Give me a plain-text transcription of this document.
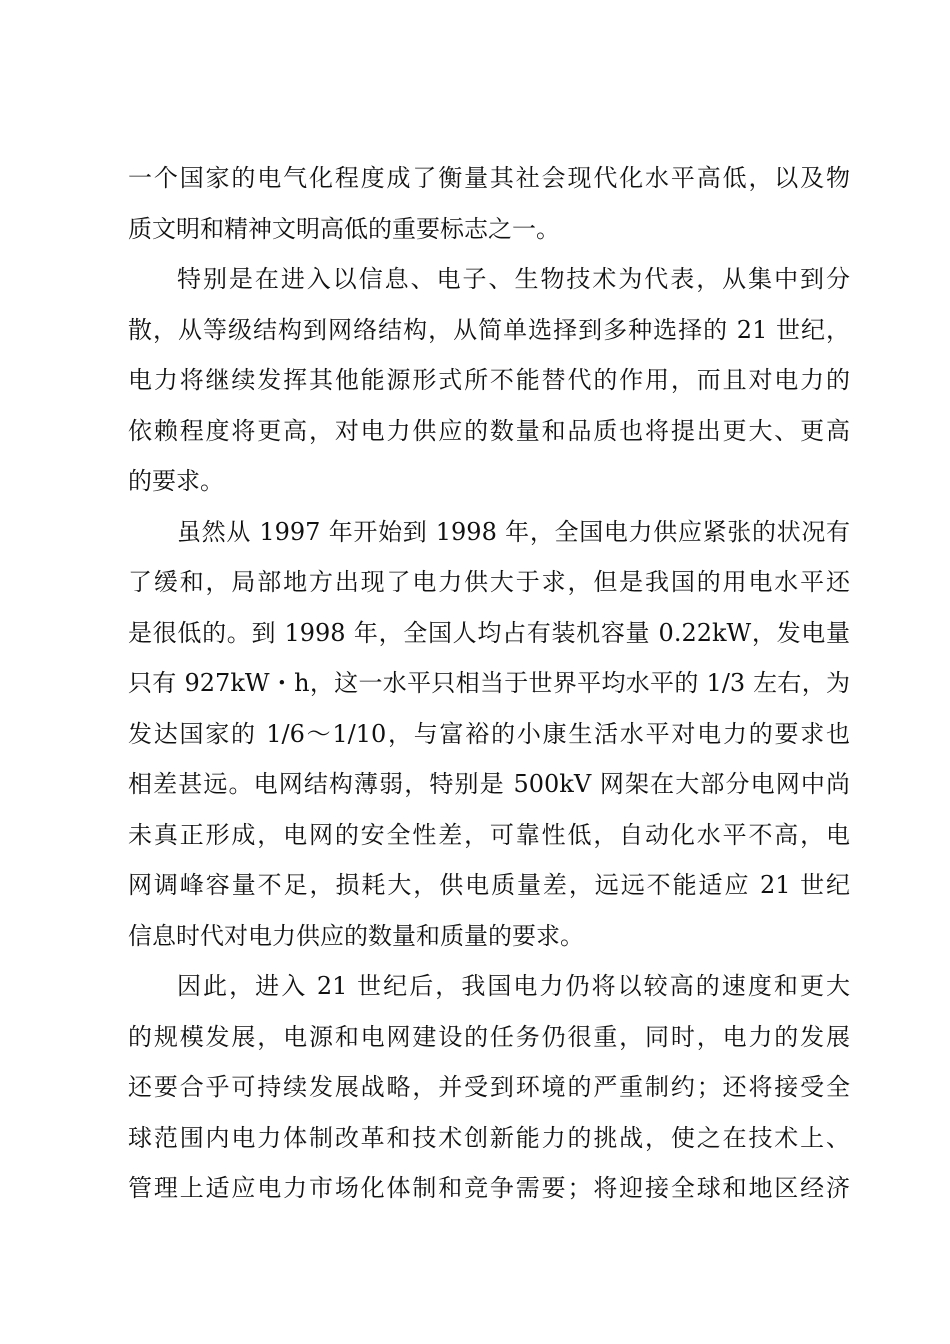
一个国家的电气化程度成了衡量其社会现代化水平高低，以及物
质文明和精神文明高低的重要标志之一。
特别是在进入以信息、电子、生物技术为代表，从集中到分
散，从等级结构到网络结构，从简单选择到多种选择的 21 世纪，
电力将继续发挥其他能源形式所不能替代的作用，而且对电力的
依赖程度将更高，对电力供应的数量和品质也将提出更大、更高
的要求。
虽然从 1997 年开始到 1998 年，全国电力供应紧张的状况有
了缓和，局部地方出现了电力供大于求，但是我国的用电水平还
是很低的。到 1998 年，全国人均占有装机容量 0.22kW，发电量
只有 927kW・h，这一水平只相当于世界平均水平的 1/3 左右，为
发达国家的 1/6～1/10，与富裕的小康生活水平对电力的要求也
相差甚远。电网结构薄弱，特别是 500kV 网架在大部分电网中尚
未真正形成，电网的安全性差，可靠性低，自动化水平不高，电
网调峰容量不足，损耗大，供电质量差，远远不能适应 21 世纪
信息时代对电力供应的数量和质量的要求。
因此，进入 21 世纪后，我国电力仍将以较高的速度和更大
的规模发展，电源和电网建设的任务仍很重，同时，电力的发展
还要合乎可持续发展战略，并受到环境的严重制约；还将接受全
球范围内电力体制改革和技术创新能力的挑战，使之在技术上、
管理上适应电力市场化体制和竞争需要；将迎接全球和地区经济
